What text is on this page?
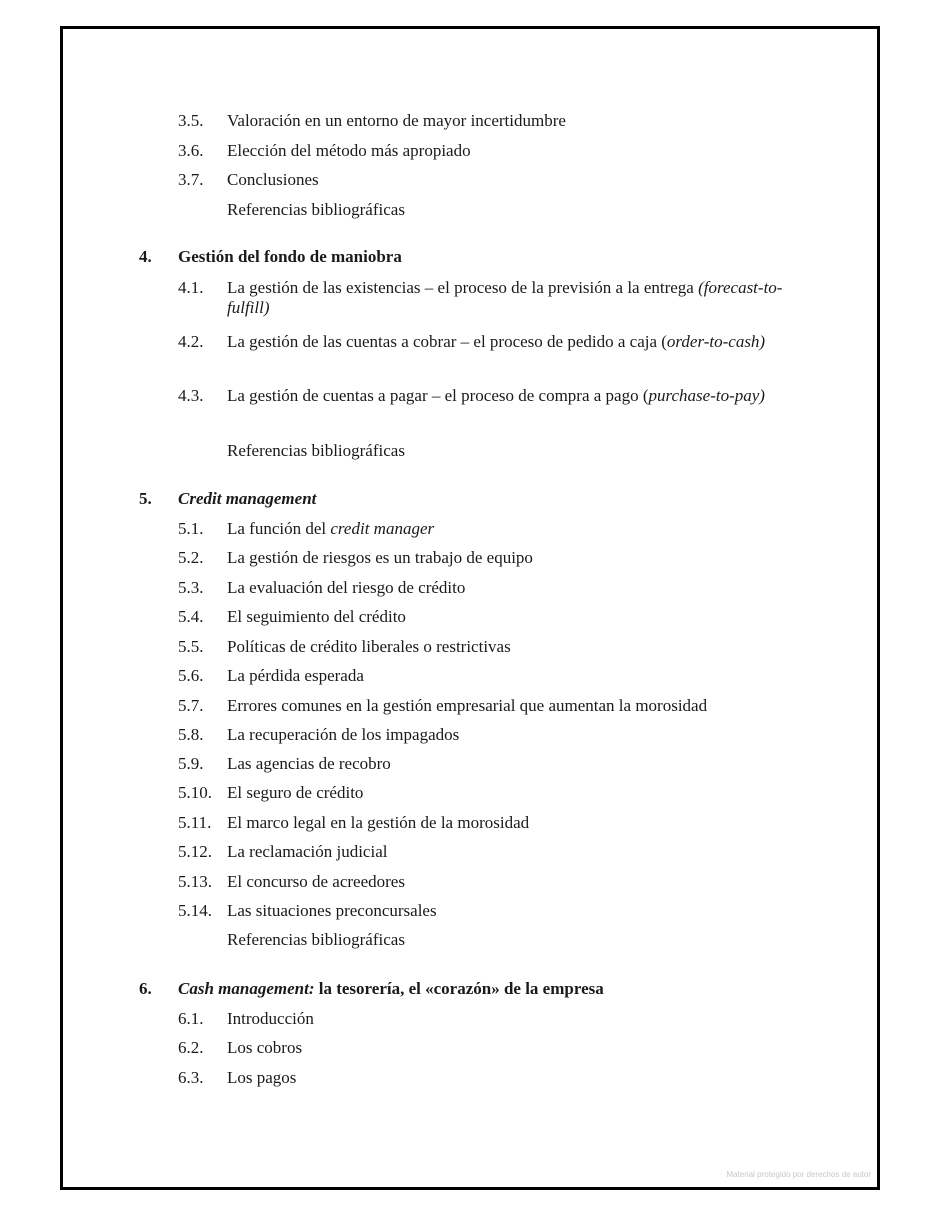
3.5. Valoración en un entorno de mayor incertidumbre
3.6. Elección del método más apropiado
3.7. Conclusiones
Referencias bibliográficas
4. Gestión del fondo de maniobra
4.1. La gestión de las existencias – el proceso de la previsión a la entrega (forecast-to-fulfill)
4.2. La gestión de las cuentas a cobrar – el proceso de pedido a caja (order-to-cash)
4.3. La gestión de cuentas a pagar – el proceso de compra a pago (purchase-to-pay)
Referencias bibliográficas
5. Credit management
5.1. La función del credit manager
5.2. La gestión de riesgos es un trabajo de equipo
5.3. La evaluación del riesgo de crédito
5.4. El seguimiento del crédito
5.5. Políticas de crédito liberales o restrictivas
5.6. La pérdida esperada
5.7. Errores comunes en la gestión empresarial que aumentan la morosidad
5.8. La recuperación de los impagados
5.9. Las agencias de recobro
5.10. El seguro de crédito
5.11. El marco legal en la gestión de la morosidad
5.12. La reclamación judicial
5.13. El concurso de acreedores
5.14. Las situaciones preconcursales
Referencias bibliográficas
6. Cash management: la tesorería, el «corazón» de la empresa
6.1. Introducción
6.2. Los cobros
6.3. Los pagos
Material protegido por derechos de autor
